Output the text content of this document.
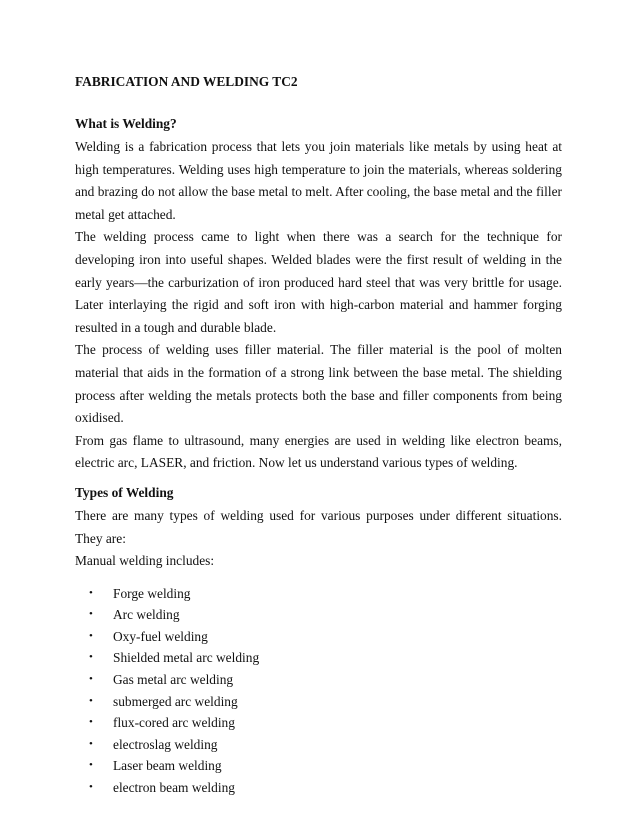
FABRICATION AND WELDING TC2

What is Welding?

Welding is a fabrication process that lets you join materials like metals by using heat at high temperatures. Welding uses high temperature to join the materials, whereas soldering and brazing do not allow the base metal to melt. After cooling, the base metal and the filler metal get attached.

The welding process came to light when there was a search for the technique for developing iron into useful shapes. Welded blades were the first result of welding in the early years—the carburization of iron produced hard steel that was very brittle for usage. Later interlaying the rigid and soft iron with high-carbon material and hammer forging resulted in a tough and durable blade.

The process of welding uses filler material. The filler material is the pool of molten material that aids in the formation of a strong link between the base metal. The shielding process after welding the metals protects both the base and filler components from being oxidised.

From gas flame to ultrasound, many energies are used in welding like electron beams, electric arc, LASER, and friction. Now let us understand various types of welding.

Types of Welding

There are many types of welding used for various purposes under different situations. They are:

Manual welding includes:

• Forge welding
• Arc welding
• Oxy-fuel welding
• Shielded metal arc welding
• Gas metal arc welding
• submerged arc welding
• flux-cored arc welding
• electroslag welding
• Laser beam welding
• electron beam welding
